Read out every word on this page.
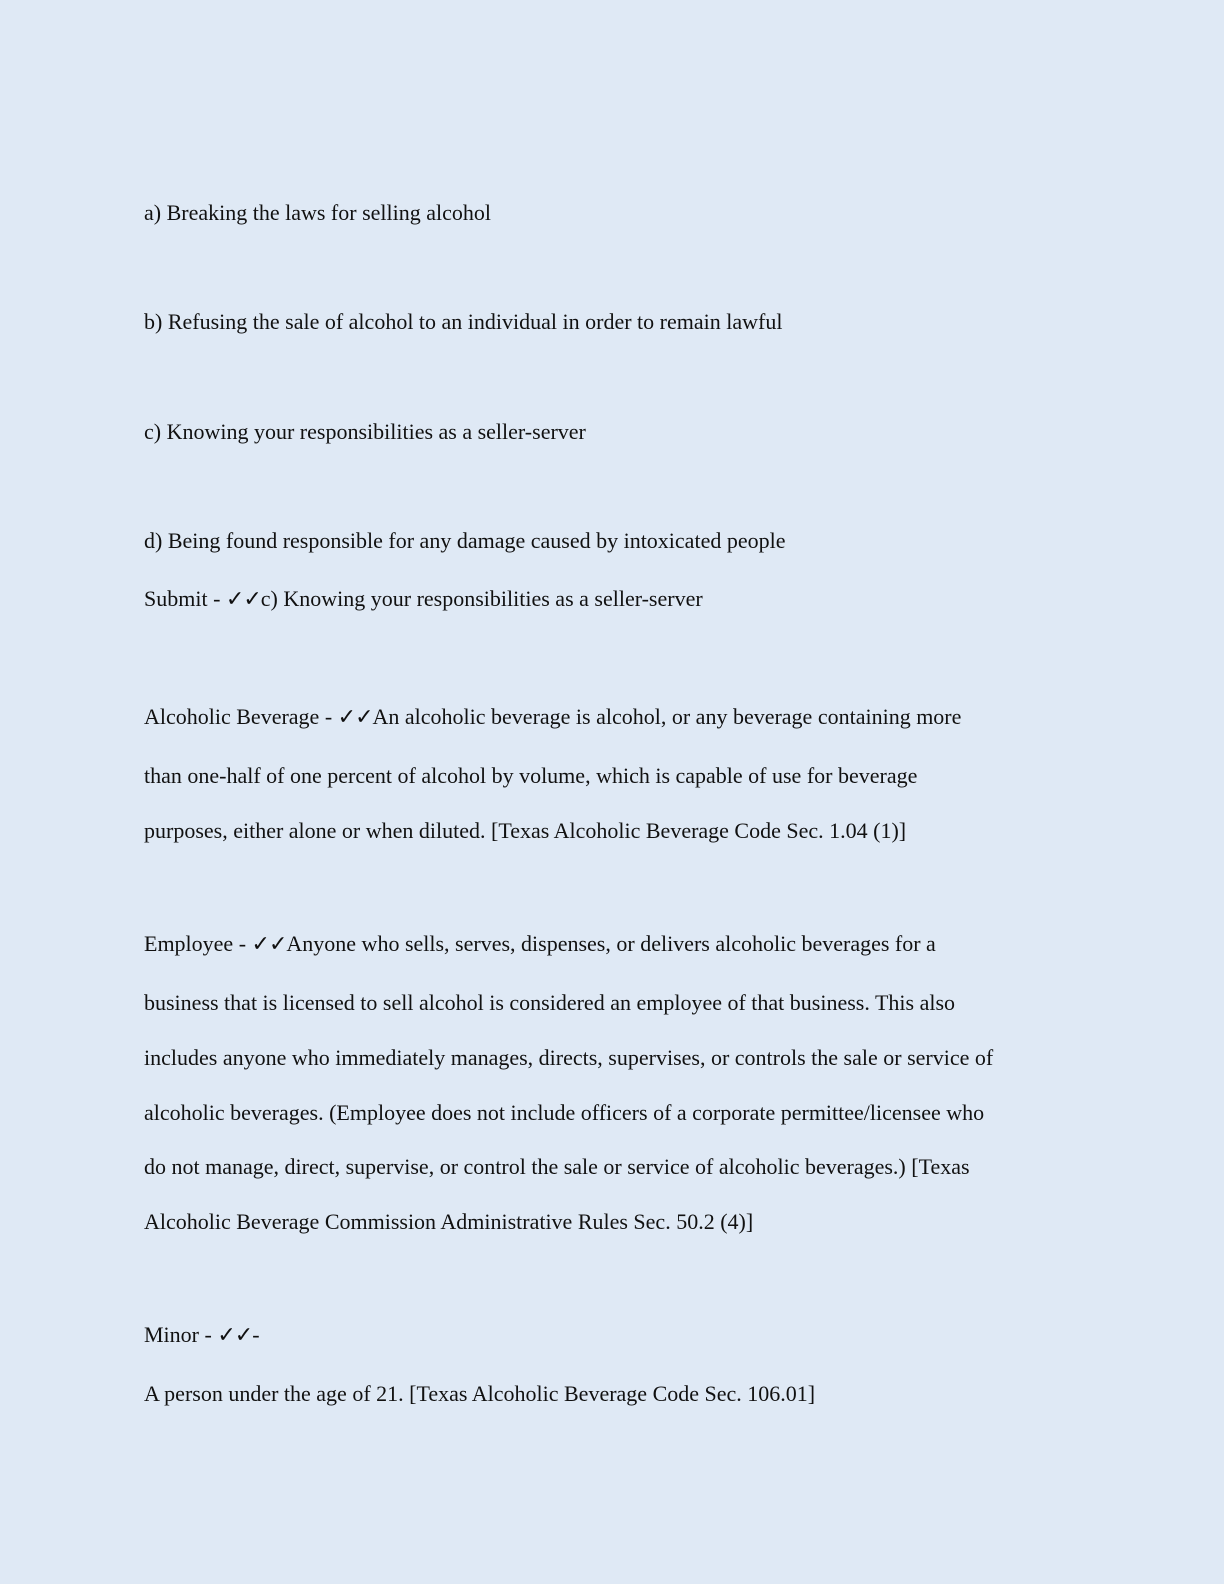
a) Breaking the laws for selling alcohol
b) Refusing the sale of alcohol to an individual in order to remain lawful
c) Knowing your responsibilities as a seller-server
d) Being found responsible for any damage caused by intoxicated people
Submit - ✓✓c) Knowing your responsibilities as a seller-server
Alcoholic Beverage - ✓✓An alcoholic beverage is alcohol, or any beverage containing more
than one-half of one percent of alcohol by volume, which is capable of use for beverage
purposes, either alone or when diluted. [Texas Alcoholic Beverage Code Sec. 1.04 (1)]
Employee - ✓✓Anyone who sells, serves, dispenses, or delivers alcoholic beverages for a
business that is licensed to sell alcohol is considered an employee of that business. This also
includes anyone who immediately manages, directs, supervises, or controls the sale or service of
alcoholic beverages. (Employee does not include officers of a corporate permittee/licensee who
do not manage, direct, supervise, or control the sale or service of alcoholic beverages.) [Texas
Alcoholic Beverage Commission Administrative Rules Sec. 50.2 (4)]
Minor - ✓✓-
A person under the age of 21. [Texas Alcoholic Beverage Code Sec. 106.01]
